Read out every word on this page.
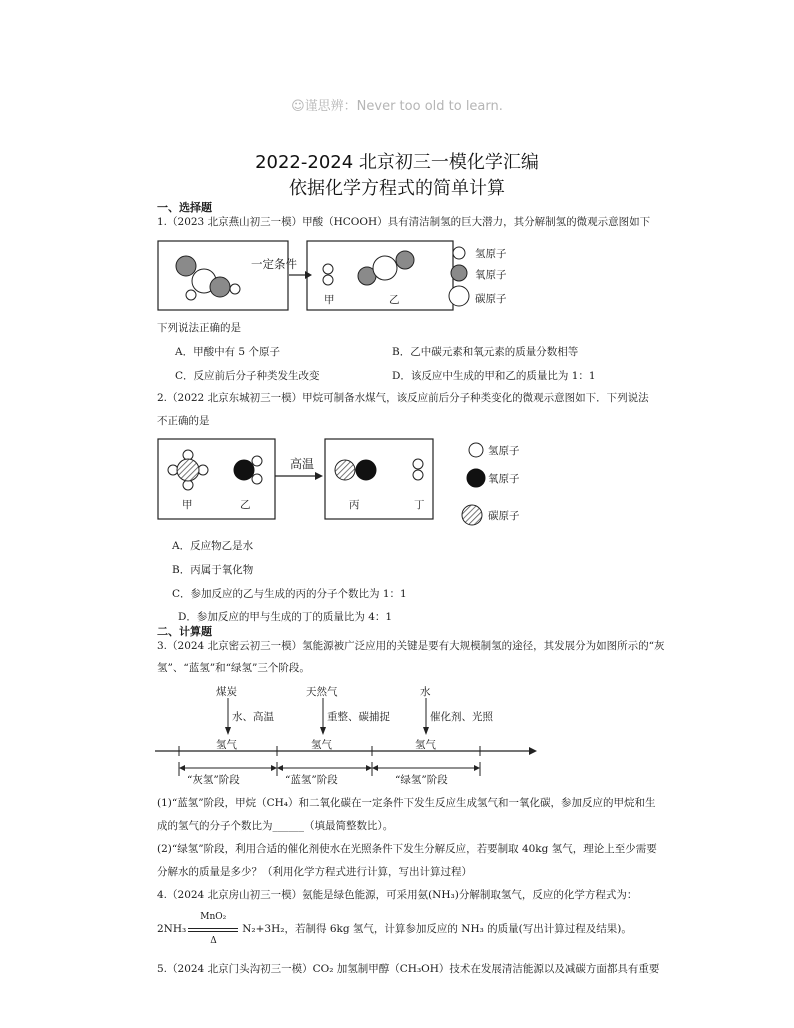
☺谨思辨：Never too old to learn.
2022-2024 北京初三一模化学汇编
依据化学方程式的简单计算
一、选择题
1.（2023 北京燕山初三一模）甲酸（HCOOH）具有清洁制氢的巨大潜力，其分解制氢的微观示意图如下
一定条件
甲	乙
氢原子
氧原子
碳原子
下列说法正确的是
A．甲酸中有 5 个原子	B．乙中碳元素和氧元素的质量分数相等
C．反应前后分子种类发生改变	D．该反应中生成的甲和乙的质量比为 1：1
2.（2022 北京东城初三一模）甲烷可制备水煤气，该反应前后分子种类变化的微观示意图如下．下列说法
不正确的是
甲	乙	丙	丁
高温
氢原子
氧原子
碳原子
A．反应物乙是水
B．丙属于氧化物
C．参加反应的乙与生成的丙的分子个数比为 1：1
D．参加反应的甲与生成的丁的质量比为 4：1
二、计算题
3.（2024 北京密云初三一模）氢能源被广泛应用的关键是要有大规模制氢的途径，其发展分为如图所示的“灰
氢”、“蓝氢”和“绿氢”三个阶段。
煤炭	天然气	水
水、高温	重整、碳捕捉	催化剂、光照
氢气	氢气	氢气
“灰氢”阶段	“蓝氢”阶段	“绿氢”阶段
(1)“蓝氢”阶段，甲烷（CH₄）和二氧化碳在一定条件下发生反应生成氢气和一氧化碳，参加反应的甲烷和生
成的氢气的分子个数比为______（填最简整数比）。
(2)“绿氢”阶段，利用合适的催化剂使水在光照条件下发生分解反应，若要制取 40kg 氢气，理论上至少需要
分解水的质量是多少？（利用化学方程式进行计算，写出计算过程）
4.（2024 北京房山初三一模）氨能是绿色能源，可采用氨(NH₃)分解制取氢气，反应的化学方程式为：
$2NH_3 \frac{\text{MnO₂}}{\Delta} N_2+3H_2$，若制得 6kg 氢气，计算参加反应的 NH₃ 的质量(写出计算过程及结果)。
5.（2024 北京门头沟初三一模）CO₂ 加氢制甲醇（CH₃OH）技术在发展清洁能源以及减碳方面都具有重要
